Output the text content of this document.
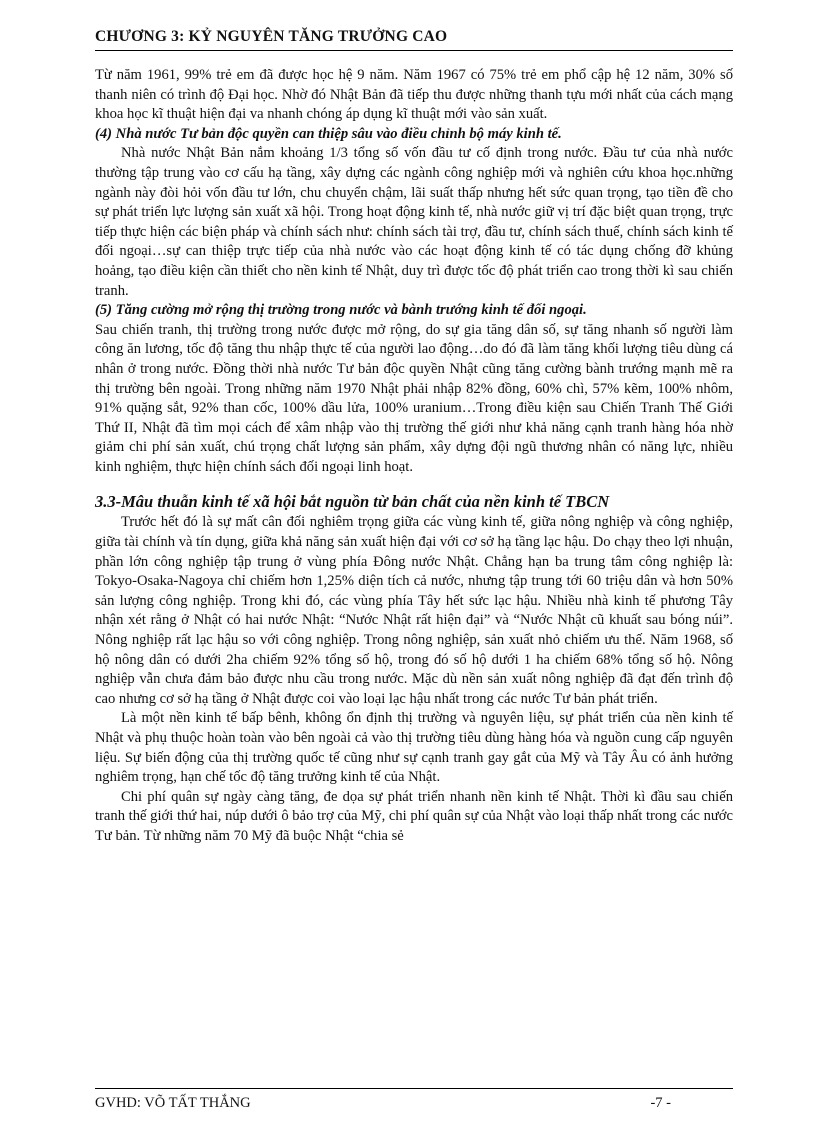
CHƯƠNG 3: KỶ NGUYÊN TĂNG TRƯỞNG CAO

Từ năm 1961, 99% trẻ em đã được học hệ 9 năm. Năm 1967 có 75% trẻ em phổ cập hệ 12 năm, 30% số thanh niên có trình độ Đại học. Nhờ đó Nhật Bản đã tiếp thu được những thanh tựu mới nhất của cách mạng khoa học kĩ thuật hiện đại va nhanh chóng áp dụng kĩ thuật mới vào sản xuất.

(4) Nhà nước Tư bản độc quyền can thiệp sâu vào điều chỉnh bộ máy kinh tế.

Nhà nước Nhật Bản nắm khoảng 1/3 tổng số vốn đầu tư cố định trong nước. Đầu tư của nhà nước thường tập trung vào cơ cấu hạ tầng, xây dựng các ngành công nghiệp mới và nghiên cứu khoa học.những ngành này đòi hỏi vốn đầu tư lớn, chu chuyển chậm, lãi suất thấp nhưng hết sức quan trọng, tạo tiền đề cho sự phát triển lực lượng sản xuất xã hội. Trong hoạt động kinh tế, nhà nước giữ vị trí đặc biệt quan trọng, trực tiếp thực hiện các biện pháp và chính sách như: chính sách tài trợ, đầu tư, chính sách thuế, chính sách kinh tế đối ngoại…sự can thiệp trực tiếp của nhà nước vào các hoạt động kinh tế có tác dụng chống đỡ khủng hoảng, tạo điều kiện cần thiết cho nền kinh tế Nhật, duy trì được tốc độ phát triển cao trong thời kì sau chiến tranh.

(5) Tăng cường mở rộng thị trường trong nước và bành trướng kinh tế đối ngoại.

Sau chiến tranh, thị trường trong nước được mở rộng, do sự gia tăng dân số, sự tăng nhanh số người làm công ăn lương, tốc độ tăng thu nhập thực tế của người lao động…do đó đã làm tăng khối lượng tiêu dùng cá nhân ở trong nước. Đồng thời nhà nước Tư bản độc quyền Nhật cũng tăng cường bành trướng mạnh mẽ ra thị trường bên ngoài. Trong những năm 1970 Nhật phải nhập 82% đồng, 60% chì, 57% kẽm, 100% nhôm, 91% quặng sắt, 92% than cốc, 100% dầu lửa, 100% uranium…Trong điều kiện sau Chiến Tranh Thế Giới Thứ II, Nhật đã tìm mọi cách để xâm nhập vào thị trường thế giới như khả năng cạnh tranh hàng hóa nhờ giảm chi phí sản xuất, chú trọng chất lượng sản phẩm, xây dựng đội ngũ thương nhân có năng lực, nhiều kinh nghiệm, thực hiện chính sách đối ngoại linh hoạt.

3.3-Mâu thuẫn kinh tế xã hội bắt nguồn từ bản chất của nền kinh tế TBCN

Trước hết đó là sự mất cân đối nghiêm trọng giữa các vùng kinh tế, giữa nông nghiệp và công nghiệp, giữa tài chính và tín dụng, giữa khả năng sản xuất hiện đại với cơ sở hạ tầng lạc hậu. Do chạy theo lợi nhuận, phần lớn công nghiệp tập trung ở vùng phía Đông nước Nhật. Chẳng hạn ba trung tâm công nghiệp là: Tokyo-Osaka-Nagoya chỉ chiếm hơn 1,25% diện tích cả nước, nhưng tập trung tới 60 triệu dân và hơn 50% sản lượng công nghiệp. Trong khi đó, các vùng phía Tây hết sức lạc hậu. Nhiều nhà kinh tế phương Tây nhận xét rằng ở Nhật có hai nước Nhật: “Nước Nhật rất hiện đại” và “Nước Nhật cũ khuất sau bóng núi”. Nông nghiệp rất lạc hậu so với công nghiệp. Trong nông nghiệp, sản xuất nhỏ chiếm ưu thế. Năm 1968, số hộ nông dân có dưới 2ha chiếm 92% tổng số hộ, trong đó số hộ dưới 1 ha chiếm 68% tổng số hộ. Nông nghiệp vẫn chưa đảm bảo được nhu cầu trong nước. Mặc dù nền sản xuất nông nghiệp đã đạt đến trình độ cao nhưng cơ sở hạ tầng ở Nhật được coi vào loại lạc hậu nhất trong các nước Tư bản phát triển.

Là một nền kinh tế bấp bênh, không ổn định thị trường và nguyên liệu, sự phát triển của nền kinh tế Nhật và phụ thuộc hoàn toàn vào bên ngoài cả vào thị trường tiêu dùng hàng hóa và nguồn cung cấp nguyên liệu. Sự biến động của thị trường quốc tế cũng như sự cạnh tranh gay gắt của Mỹ và Tây Âu có ảnh hưởng nghiêm trọng, hạn chế tốc độ tăng trưởng kinh tế của Nhật.

Chi phí quân sự ngày càng tăng, đe dọa sự phát triển nhanh nền kinh tế Nhật. Thời kì đầu sau chiến tranh thế giới thứ hai, núp dưới ô bảo trợ của Mỹ, chi phí quân sự của Nhật vào loại thấp nhất trong các nước Tư bản. Từ những năm 70 Mỹ đã buộc Nhật “chia sẻ

GVHD: VÕ TẤT THẮNG	-7 -
